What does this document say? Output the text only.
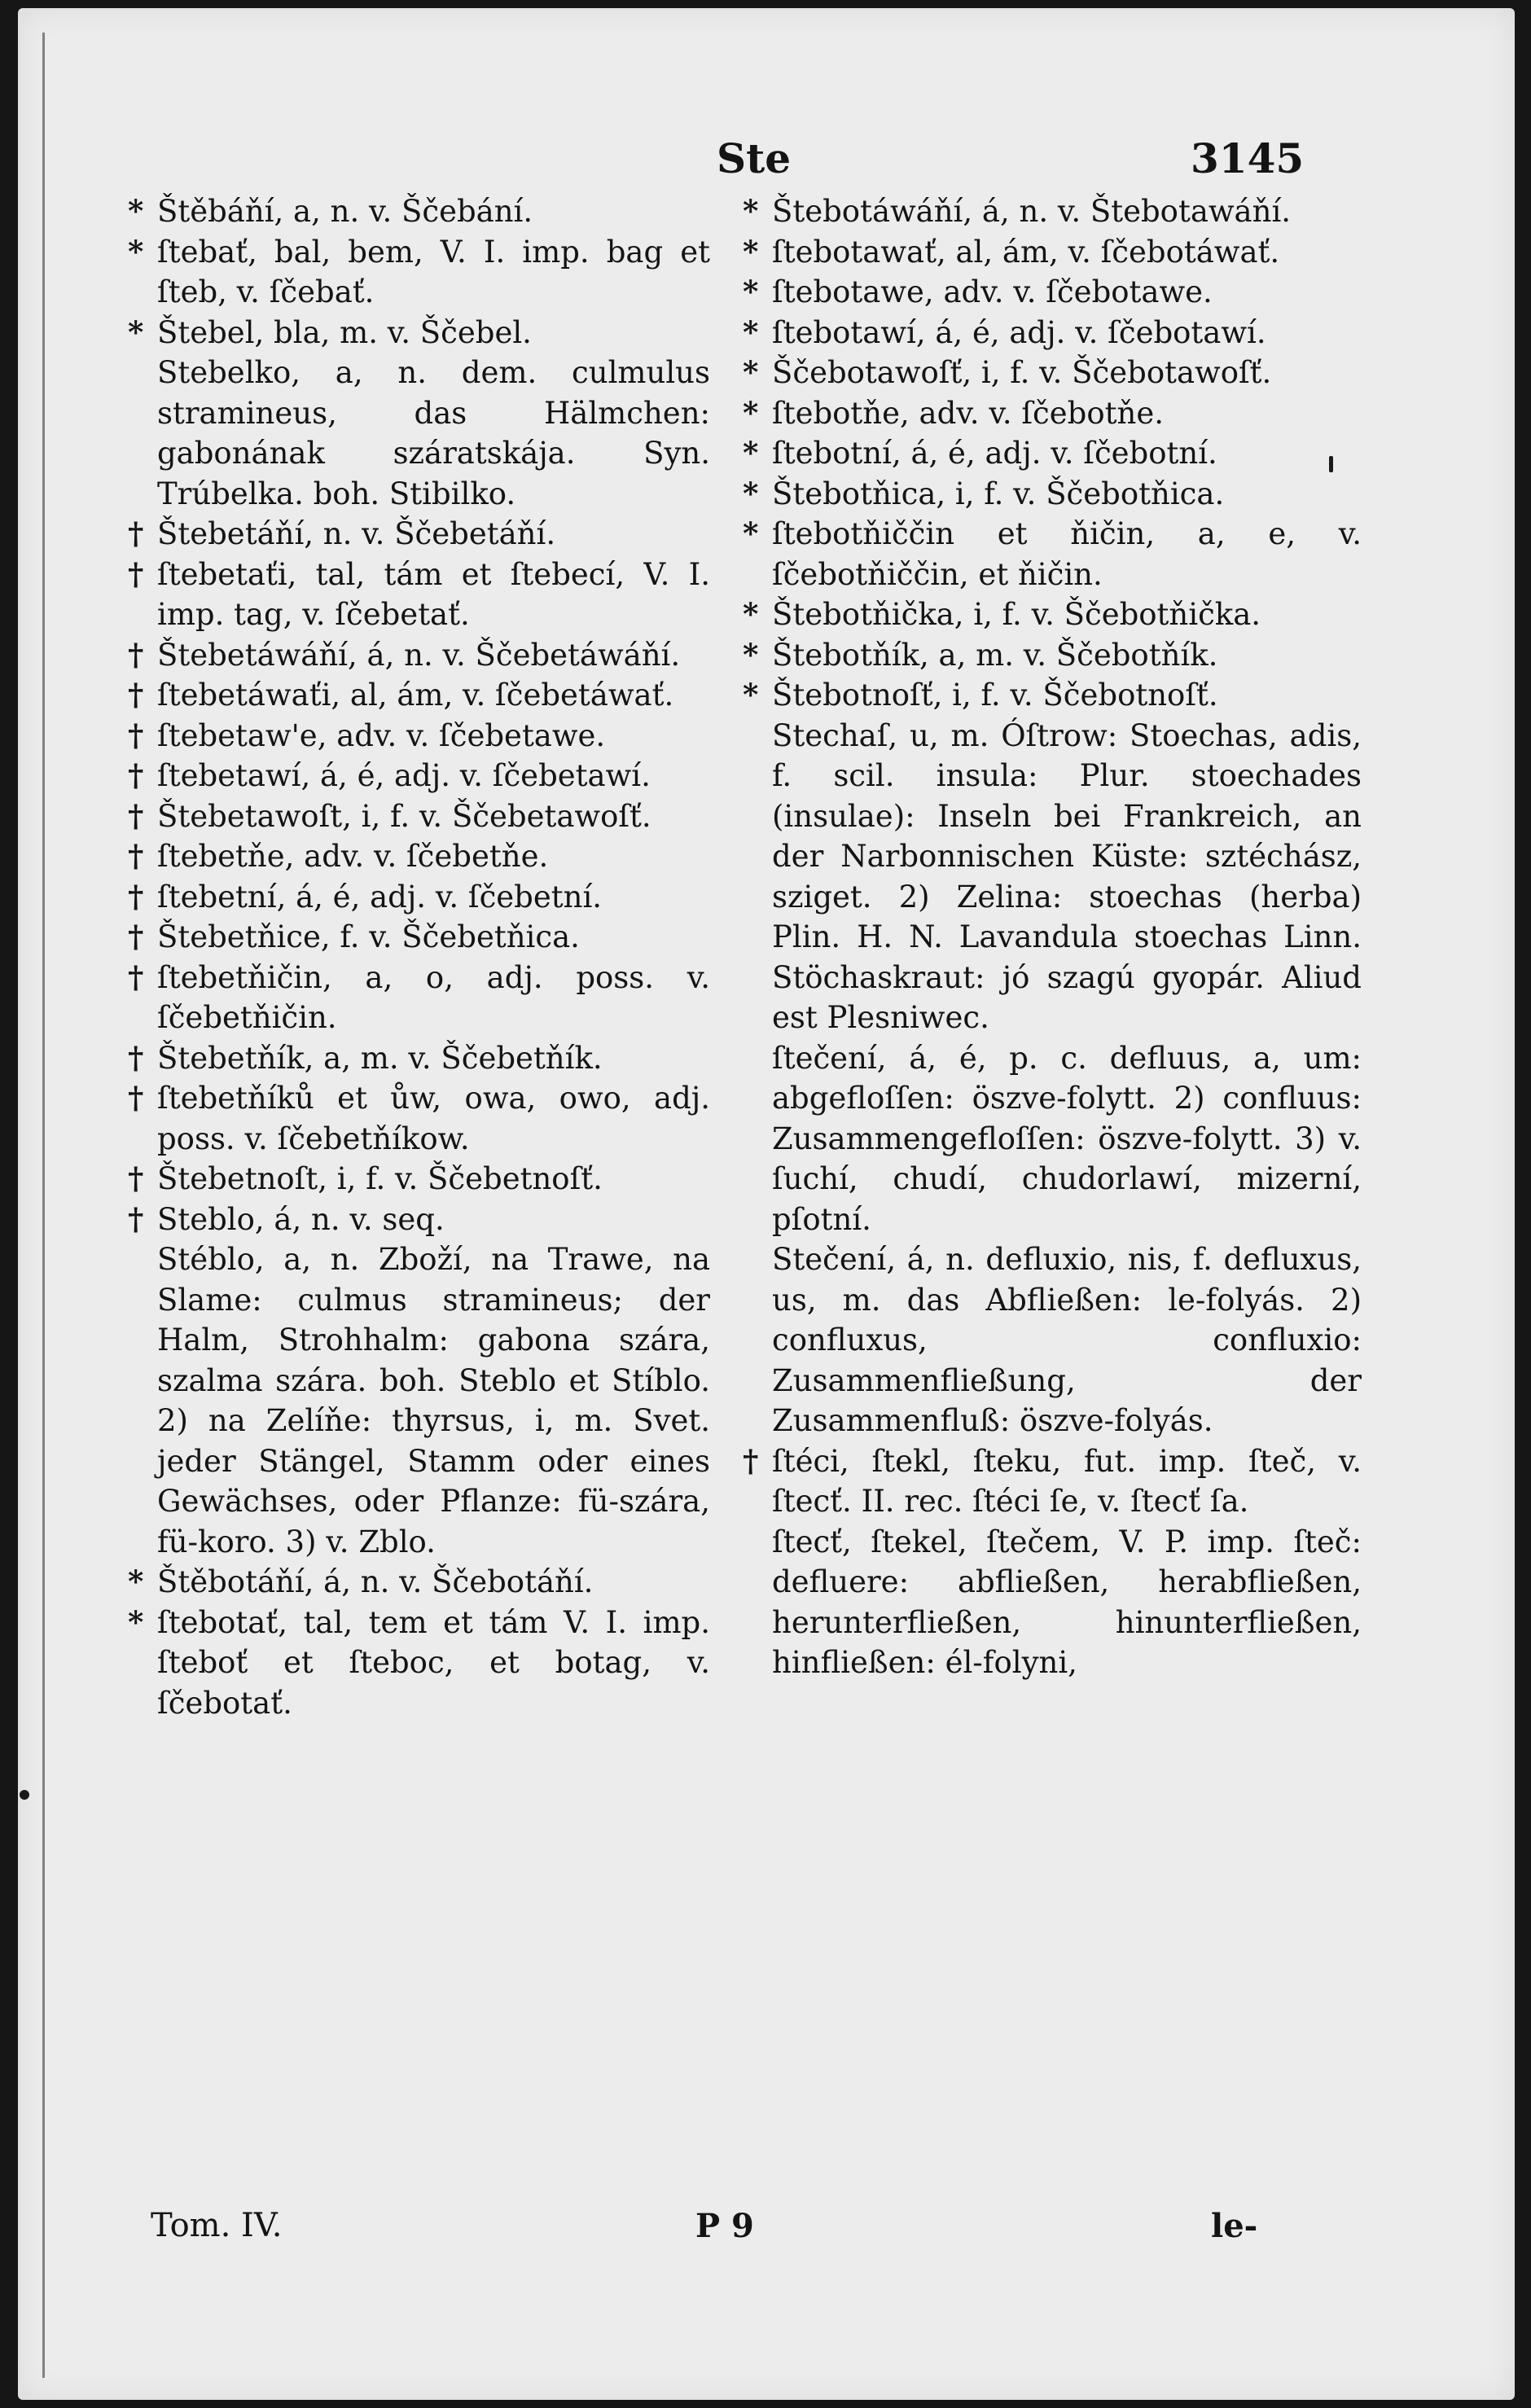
Ste	3145

* Štěbáňí, a, n. v. Ščebání.

* ſtebať, bal, bem, V. I. imp. bag et ſteb, v. ſčebať.

* Štebel, bla, m. v. Ščebel.

Stebelko, a, n. dem. culmulus stramineus, das Hälmchen: gabonának száratskája. Syn. Trúbelka. boh. Stibilko.

† Štebetáňí, n. v. Ščebetáňí.

† ſtebetaťi, tal, tám et ſtebecí, V. I. imp. tag, v. ſčebetať.

† Štebetáwáňí, á, n. v. Ščebetáwáňí.

† ſtebetáwaťi, al, ám, v. ſčebetáwať.

† ſtebetaw'e, adv. v. ſčebetawe.

† ſtebetawí, á, é, adj. v. ſčebetawí.

† Štebetawoſt, i, f. v. Ščebetawoſť.

† ſtebetňe, adv. v. ſčebetňe.

† ſtebetní, á, é, adj. v. ſčebetní.

† Štebetňice, f. v. Ščebetňica.

† ſtebetňičin, a, o, adj. poss. v. ſčebetňičin.

† Štebetňík, a, m. v. Ščebetňík.

† ſtebetňíků et ůw, owa, owo, adj. poss. v. ſčebetňíkow.

† Štebetnoſt, i, f. v. Ščebetnoſť.

† Steblo, á, n. v. seq.

Stéblo, a, n. Zboží, na Trawe, na Slame: culmus stramineus; der Halm, Strohhalm: gabona szára, szalma szára. boh. Steblo et Stíblo. 2) na Zelíňe: thyrsus, i, m. Svet. jeder Stängel, Stamm oder eines Gewächses, oder Pflanze: fü-szára, fü-koro. 3) v. Zblo.

* Štěbotáňí, á, n. v. Ščebotáňí.

* ſtebotať, tal, tem et tám V. I. imp. ſteboť et ſteboc, et botag, v. ſčebotať.

* Štebotáwáňí, á, n. v. Štebotawáňí.

* ſtebotawať, al, ám, v. ſčebotáwať.

* ſtebotawe, adv. v. ſčebotawe.

* ſtebotawí, á, é, adj. v. ſčebotawí.

* Ščebotawoſť, i, f. v. Ščebotawoſť.

* ſtebotňe, adv. v. ſčebotňe.

* ſtebotní, á, é, adj. v. ſčebotní.

* Štebotňica, i, f. v. Ščebotňica.

* ſtebotňiččin et ňičin, a, e, v. ſčebotňiččin, et ňičin.

* Štebotňička, i, f. v. Ščebotňička.

* Štebotňík, a, m. v. Ščebotňík.

* Štebotnoſť, i, f. v. Ščebotnoſť.

Stechaſ, u, m. Óſtrow: Stoechas, adis, f. scil. insula: Plur. stoechades (insulae): Inseln bei Frankreich, an der Narbonnischen Küste: sztéchász, sziget. 2) Zelina: stoechas (herba) Plin. H. N. Lavandula stoechas Linn. Stöchaskraut: jó szagú gyopár. Aliud est Plesniwec.

ſtečení, á, é, p. c. defluus, a, um: abgefloſſen: öszve-folytt. 2) confluus: Zusammengefloſſen: öszve-folytt. 3) v. ſuchí, chudí, chudorlawí, mizerní, pſotní.

Stečení, á, n. defluxio, nis, f. defluxus, us, m. das Abfließen: le-folyás. 2) confluxus, confluxio: Zusammenfließung, der Zusammenfluß: öszve-folyás.

† ſtéci, ſtekl, ſteku, fut. imp. ſteč, v. ſtecť. II. rec. ſtéci ſe, v. ſtecť ſa.

ſtecť, ſtekel, ſtečem, V. P. imp. ſteč: defluere: abfließen, herabfließen, herunterfließen, hinunterfließen, hinfließen: él-folyni,

Tom. IV.	P 9	le-
